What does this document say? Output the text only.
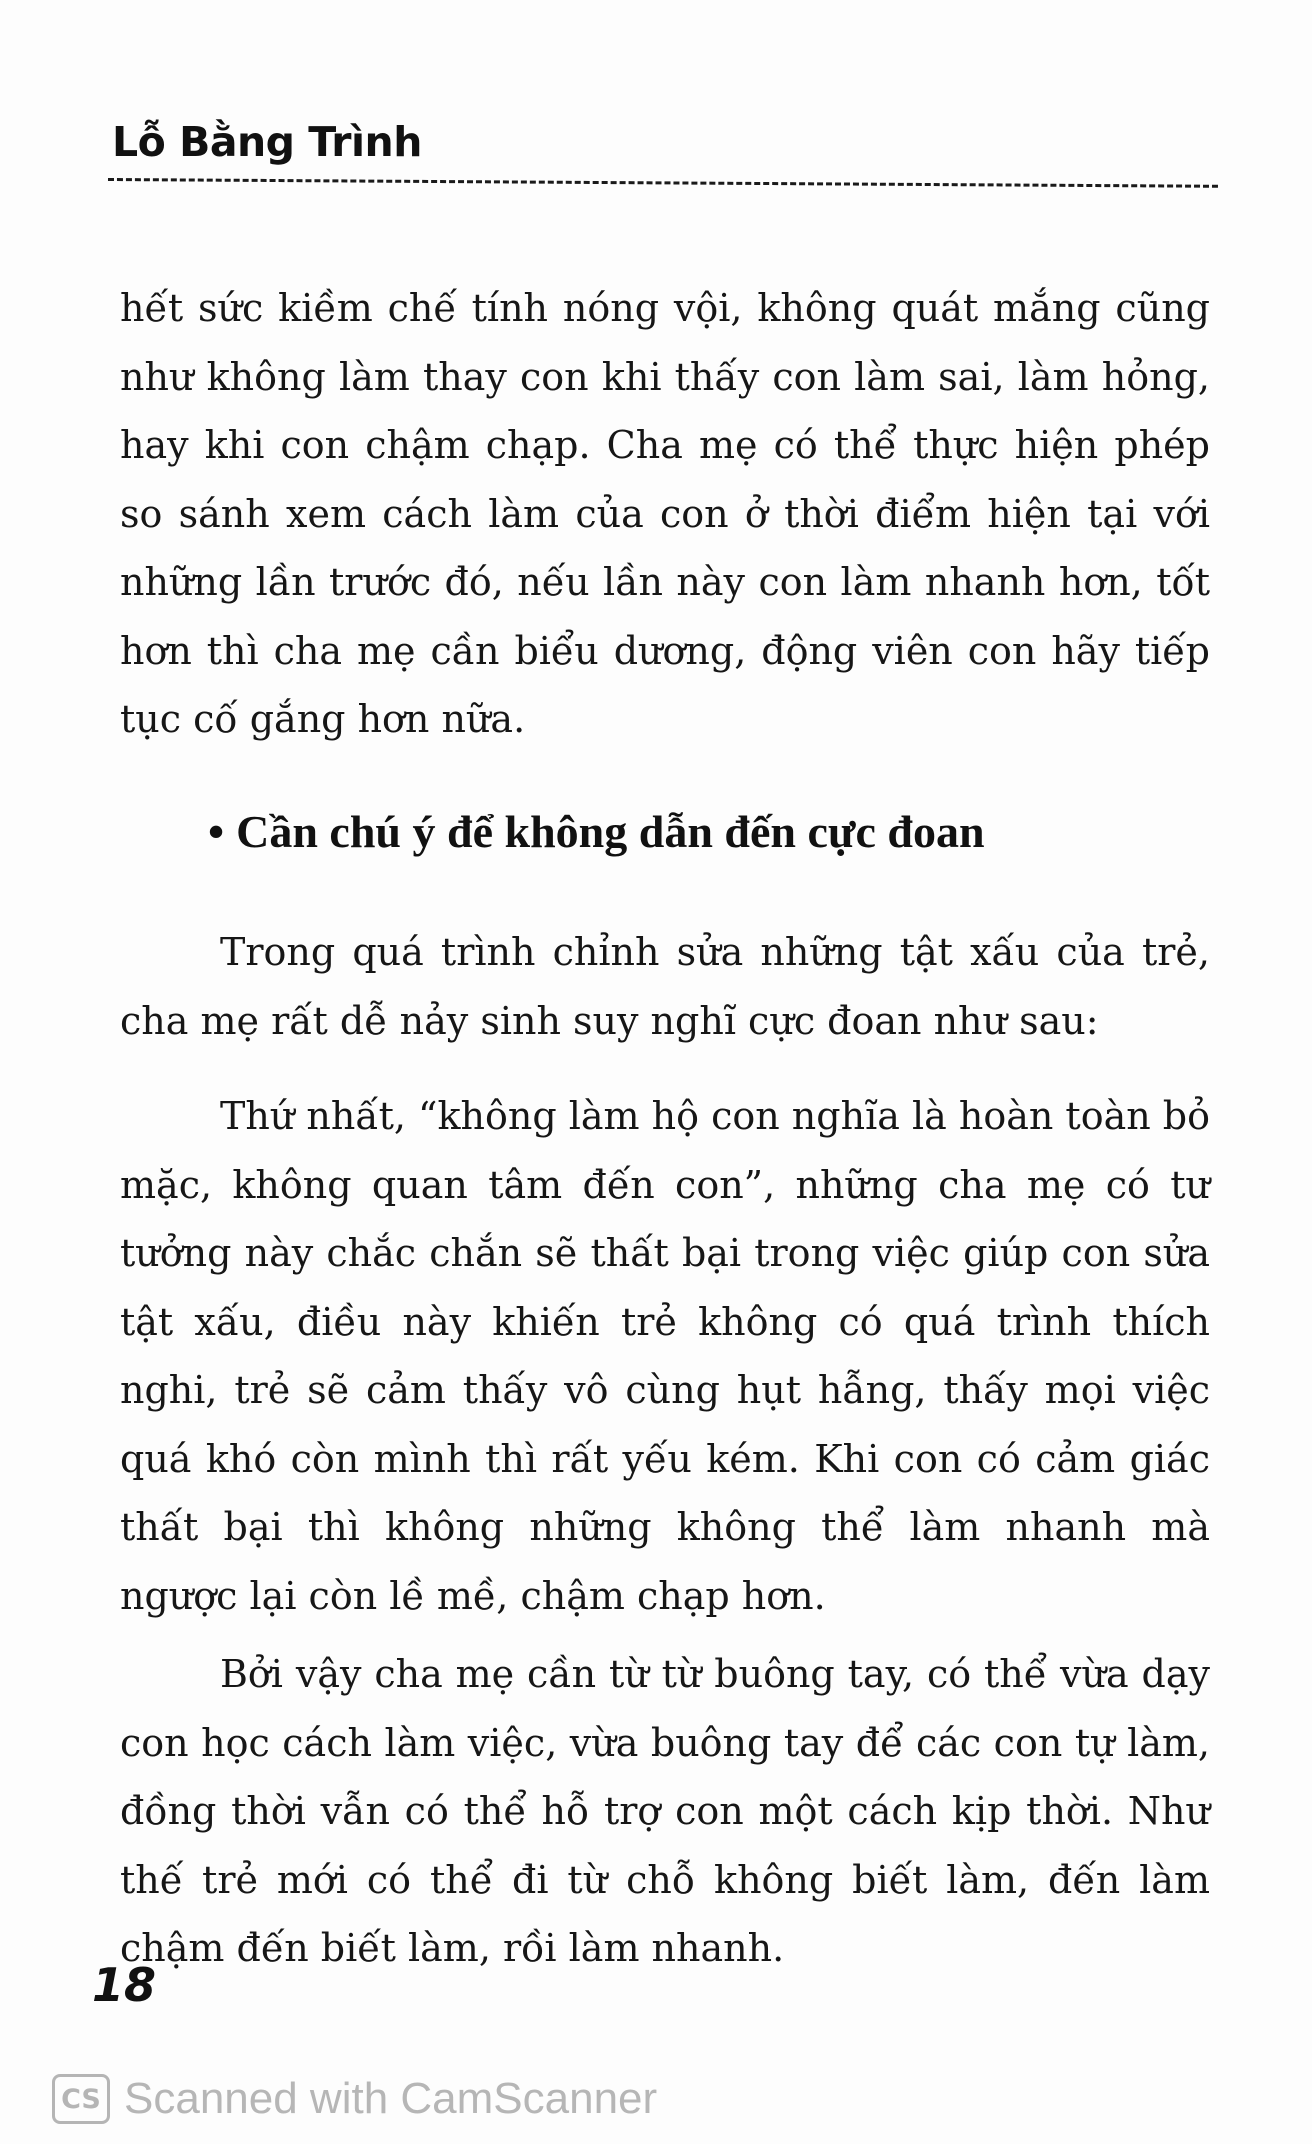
Lỗ Bằng Trình

hết sức kiềm chế tính nóng vội, không quát mắng cũng như không làm thay con khi thấy con làm sai, làm hỏng, hay khi con chậm chạp. Cha mẹ có thể thực hiện phép so sánh xem cách làm của con ở thời điểm hiện tại với những lần trước đó, nếu lần này con làm nhanh hơn, tốt hơn thì cha mẹ cần biểu dương, động viên con hãy tiếp tục cố gắng hơn nữa.

• Cần chú ý để không dẫn đến cực đoan

Trong quá trình chỉnh sửa những tật xấu của trẻ, cha mẹ rất dễ nảy sinh suy nghĩ cực đoan như sau:

Thứ nhất, “không làm hộ con nghĩa là hoàn toàn bỏ mặc, không quan tâm đến con”, những cha mẹ có tư tưởng này chắc chắn sẽ thất bại trong việc giúp con sửa tật xấu, điều này khiến trẻ không có quá trình thích nghi, trẻ sẽ cảm thấy vô cùng hụt hẫng, thấy mọi việc quá khó còn mình thì rất yếu kém. Khi con có cảm giác thất bại thì không những không thể làm nhanh mà ngược lại còn lề mề, chậm chạp hơn.

Bởi vậy cha mẹ cần từ từ buông tay, có thể vừa dạy con học cách làm việc, vừa buông tay để các con tự làm, đồng thời vẫn có thể hỗ trợ con một cách kịp thời. Như thế trẻ mới có thể đi từ chỗ không biết làm, đến làm chậm đến biết làm, rồi làm nhanh.

18
CS Scanned with CamScanner
